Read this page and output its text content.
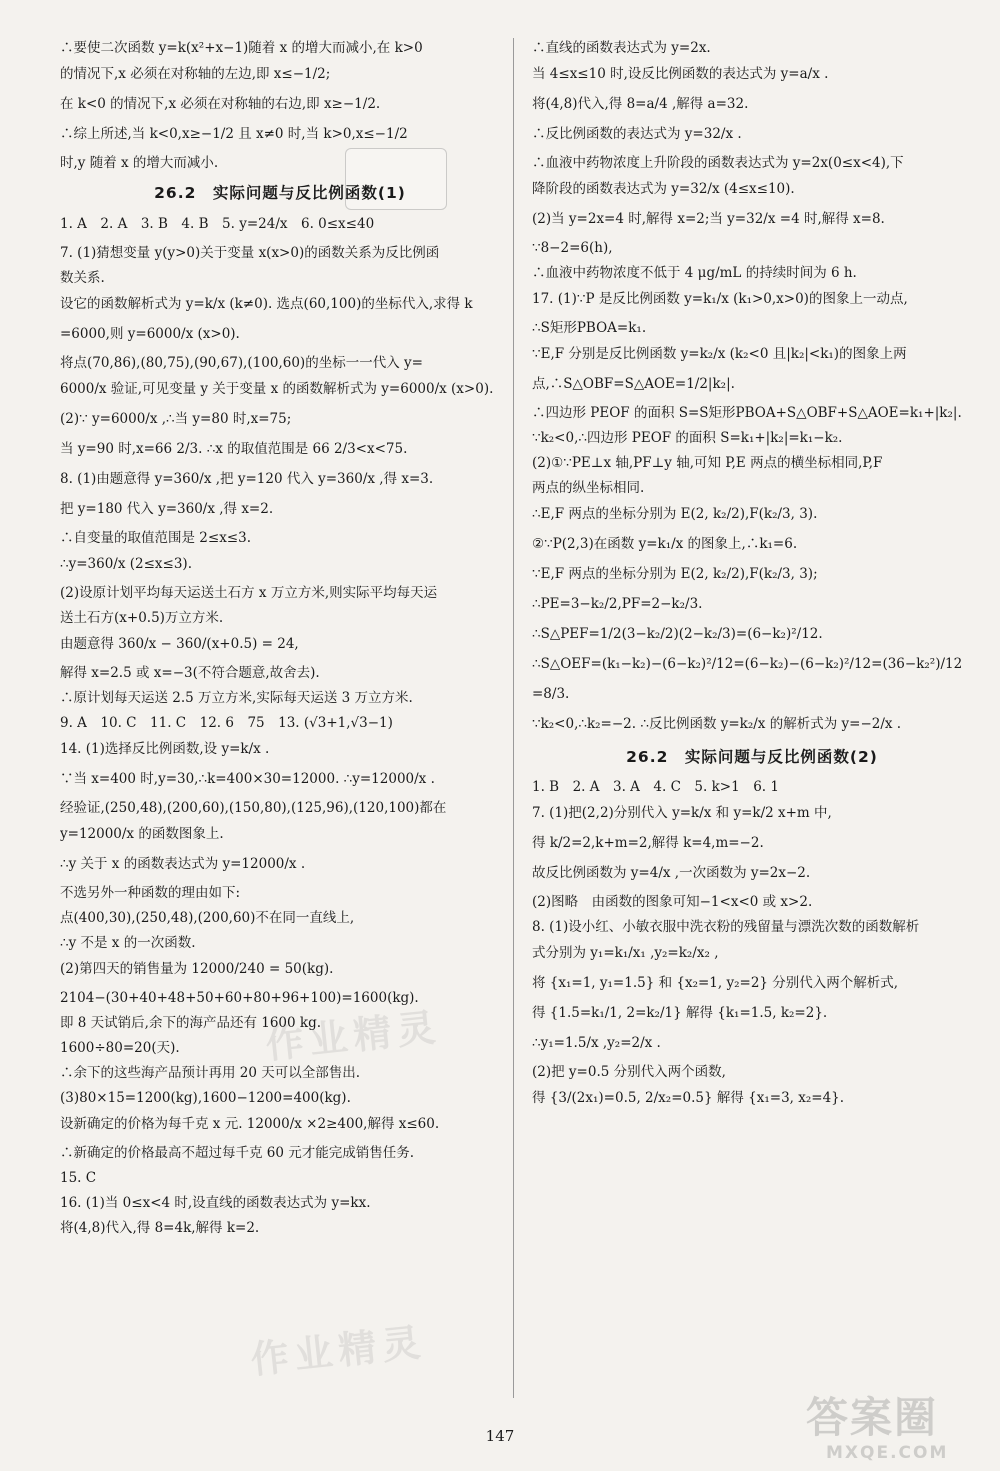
作业精灵
作业精灵
∴要使二次函数 y=k(x²+x−1)随着 x 的增大而减小,在 k>0
的情况下,x 必须在对称轴的左边,即 x≤−1/2;
在 k<0 的情况下,x 必须在对称轴的右边,即 x≥−1/2.
∴综上所述,当 k<0,x≥−1/2 且 x≠0 时,当 k>0,x≤−1/2
时,y 随着 x 的增大而减小.
26.2　实际问题与反比例函数(1)
1. A　2. A　3. B　4. B　5. y=24/x　6. 0≤x≤40
7. (1)猜想变量 y(y>0)关于变量 x(x>0)的函数关系为反比例函
数关系.
设它的函数解析式为 y=k/x (k≠0). 选点(60,100)的坐标代入,求得 k
=6000,则 y=6000/x (x>0).
将点(70,86),(80,75),(90,67),(100,60)的坐标一一代入 y=
6000/x 验证,可见变量 y 关于变量 x 的函数解析式为 y=6000/x (x>0).
(2)∵ y=6000/x ,∴当 y=80 时,x=75;
当 y=90 时,x=66 2/3. ∴x 的取值范围是 66 2/3<x<75.
8. (1)由题意得 y=360/x ,把 y=120 代入 y=360/x ,得 x=3.
把 y=180 代入 y=360/x ,得 x=2.
∴自变量的取值范围是 2≤x≤3.
∴y=360/x (2≤x≤3).
(2)设原计划平均每天运送土石方 x 万立方米,则实际平均每天运
送土石方(x+0.5)万立方米.
由题意得 360/x − 360/(x+0.5) = 24,
解得 x=2.5 或 x=−3(不符合题意,故舍去).
∴原计划每天运送 2.5 万立方米,实际每天运送 3 万立方米.
9. A　10. C　11. C　12. 6　75　13. (√3+1,√3−1)
14. (1)选择反比例函数,设 y=k/x .
∵当 x=400 时,y=30,∴k=400×30=12000. ∴y=12000/x .
经验证,(250,48),(200,60),(150,80),(125,96),(120,100)都在
y=12000/x 的函数图象上.
∴y 关于 x 的函数表达式为 y=12000/x .
不选另外一种函数的理由如下:
点(400,30),(250,48),(200,60)不在同一直线上,
∴y 不是 x 的一次函数.
(2)第四天的销售量为 12000/240 = 50(kg).
2104−(30+40+48+50+60+80+96+100)=1600(kg).
即 8 天试销后,余下的海产品还有 1600 kg.
1600÷80=20(天).
∴余下的这些海产品预计再用 20 天可以全部售出.
(3)80×15=1200(kg),1600−1200=400(kg).
设新确定的价格为每千克 x 元. 12000/x ×2≥400,解得 x≤60.
∴新确定的价格最高不超过每千克 60 元才能完成销售任务.
15. C
16. (1)当 0≤x<4 时,设直线的函数表达式为 y=kx.
将(4,8)代入,得 8=4k,解得 k=2.
∴直线的函数表达式为 y=2x.
当 4≤x≤10 时,设反比例函数的表达式为 y=a/x .
将(4,8)代入,得 8=a/4 ,解得 a=32.
∴反比例函数的表达式为 y=32/x .
∴血液中药物浓度上升阶段的函数表达式为 y=2x(0≤x<4),下
降阶段的函数表达式为 y=32/x (4≤x≤10).
(2)当 y=2x=4 时,解得 x=2;当 y=32/x =4 时,解得 x=8.
∵8−2=6(h),
∴血液中药物浓度不低于 4 μg/mL 的持续时间为 6 h.
17. (1)∵P 是反比例函数 y=k₁/x (k₁>0,x>0)的图象上一动点,
∴S矩形PBOA=k₁.
∵E,F 分别是反比例函数 y=k₂/x (k₂<0 且|k₂|<k₁)的图象上两
点,∴S△OBF=S△AOE=1/2|k₂|.
∴四边形 PEOF 的面积 S=S矩形PBOA+S△OBF+S△AOE=k₁+|k₂|.
∵k₂<0,∴四边形 PEOF 的面积 S=k₁+|k₂|=k₁−k₂.
(2)①∵PE⊥x 轴,PF⊥y 轴,可知 P,E 两点的横坐标相同,P,F
两点的纵坐标相同.
∴E,F 两点的坐标分别为 E(2, k₂/2),F(k₂/3, 3).
②∵P(2,3)在函数 y=k₁/x 的图象上,∴k₁=6.
∵E,F 两点的坐标分别为 E(2, k₂/2),F(k₂/3, 3);
∴PE=3−k₂/2,PF=2−k₂/3.
∴S△PEF=1/2(3−k₂/2)(2−k₂/3)=(6−k₂)²/12.
∴S△OEF=(k₁−k₂)−(6−k₂)²/12=(6−k₂)−(6−k₂)²/12=(36−k₂²)/12
=8/3.
∵k₂<0,∴k₂=−2. ∴反比例函数 y=k₂/x 的解析式为 y=−2/x .
26.2　实际问题与反比例函数(2)
1. B　2. A　3. A　4. C　5. k>1　6. 1
7. (1)把(2,2)分别代入 y=k/x 和 y=k/2 x+m 中,
得 k/2=2,k+m=2,解得 k=4,m=−2.
故反比例函数为 y=4/x ,一次函数为 y=2x−2.
(2)图略　由函数的图象可知−1<x<0 或 x>2.
8. (1)设小红、小敏衣服中洗衣粉的残留量与漂洗次数的函数解析
式分别为 y₁=k₁/x₁ ,y₂=k₂/x₂ ,
将 {x₁=1, y₁=1.5} 和 {x₂=1, y₂=2} 分别代入两个解析式,
得 {1.5=k₁/1, 2=k₂/1} 解得 {k₁=1.5, k₂=2}.
∴y₁=1.5/x ,y₂=2/x .
(2)把 y=0.5 分别代入两个函数,
得 {3/(2x₁)=0.5, 2/x₂=0.5} 解得 {x₁=3, x₂=4}.
147	答案圈
MXQE.COM
